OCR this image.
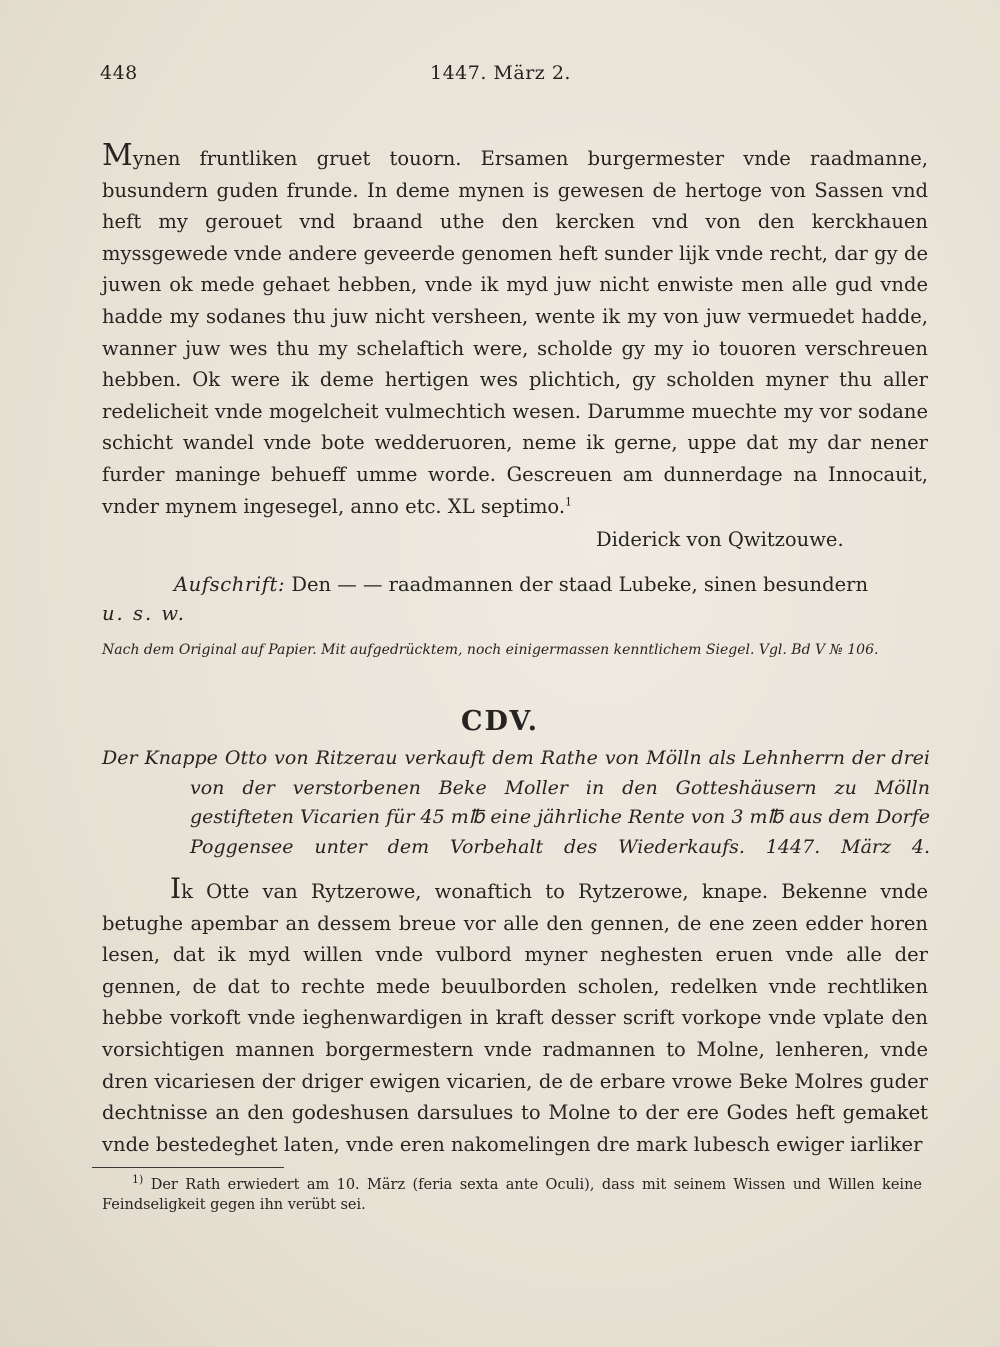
448	1447. März 2.
Mynen fruntliken gruet touorn. Ersamen burgermester vnde raadmanne, busundern guden frunde. In deme mynen is gewesen de hertoge von Sassen vnd heft my gerouet vnd braand uthe den kercken vnd von den kerckhauen myssgewede vnde andere geveerde genomen heft sunder lijk vnde recht, dar gy de juwen ok mede gehaet hebben, vnde ik myd juw nicht enwiste men alle gud vnde hadde my sodanes thu juw nicht versheen, wente ik my von juw vermuedet hadde, wanner juw wes thu my schelaftich were, scholde gy my io touoren verschreuen hebben. Ok were ik deme hertigen wes plichtich, gy scholden myner thu aller redelicheit vnde mogelcheit vulmechtich wesen. Darumme muechte my vor sodane schicht wandel vnde bote wedderuoren, neme ik gerne, uppe dat my dar nener furder maninge behueff umme worde. Gescreuen am dunnerdage na Innocauit, vnder mynem ingesegel, anno etc. XL septimo.$^1$
Diderick von Qwitzouwe.
Aufschrift: Den — — raadmannen der staad Lubeke, sinen besundern
u. s. w.
Nach dem Original auf Papier. Mit aufgedrücktem, noch einigermassen kenntlichem Siegel. Vgl. Bd V № 106.
CDV.
Der Knappe Otto von Ritzerau verkauft dem Rathe von Mölln als Lehnherrn der drei
von der verstorbenen Beke Moller in den Gotteshäusern zu Mölln gestifteten Vicarien für 45 m℔ eine jährliche Rente von 3 m℔ aus dem Dorfe Poggensee unter dem Vorbehalt des Wiederkaufs. 1447. März 4.
Ik Otte van Rytzerowe, wonaftich to Rytzerowe, knape. Bekenne vnde betughe apembar an dessem breue vor alle den gennen, de ene zeen edder horen lesen, dat ik myd willen vnde vulbord myner neghesten eruen vnde alle der gennen, de dat to rechte mede beuulborden scholen, redelken vnde rechtliken hebbe vorkoft vnde ieghenwardigen in kraft desser scrift vorkope vnde vplate den vorsichtigen mannen borgermestern vnde radmannen to Molne, lenheren, vnde dren vicariesen der driger ewigen vicarien, de de erbare vrowe Beke Molres guder dechtnisse an den godeshusen darsulues to Molne to der ere Godes heft gemaket vnde bestedeghet laten, vnde eren nakomelingen dre mark lubesch ewiger iarliker
$^{1)}$ Der Rath erwiedert am 10. März (feria sexta ante Oculi), dass mit seinem Wissen und Willen keine Feindseligkeit gegen ihn verübt sei.
